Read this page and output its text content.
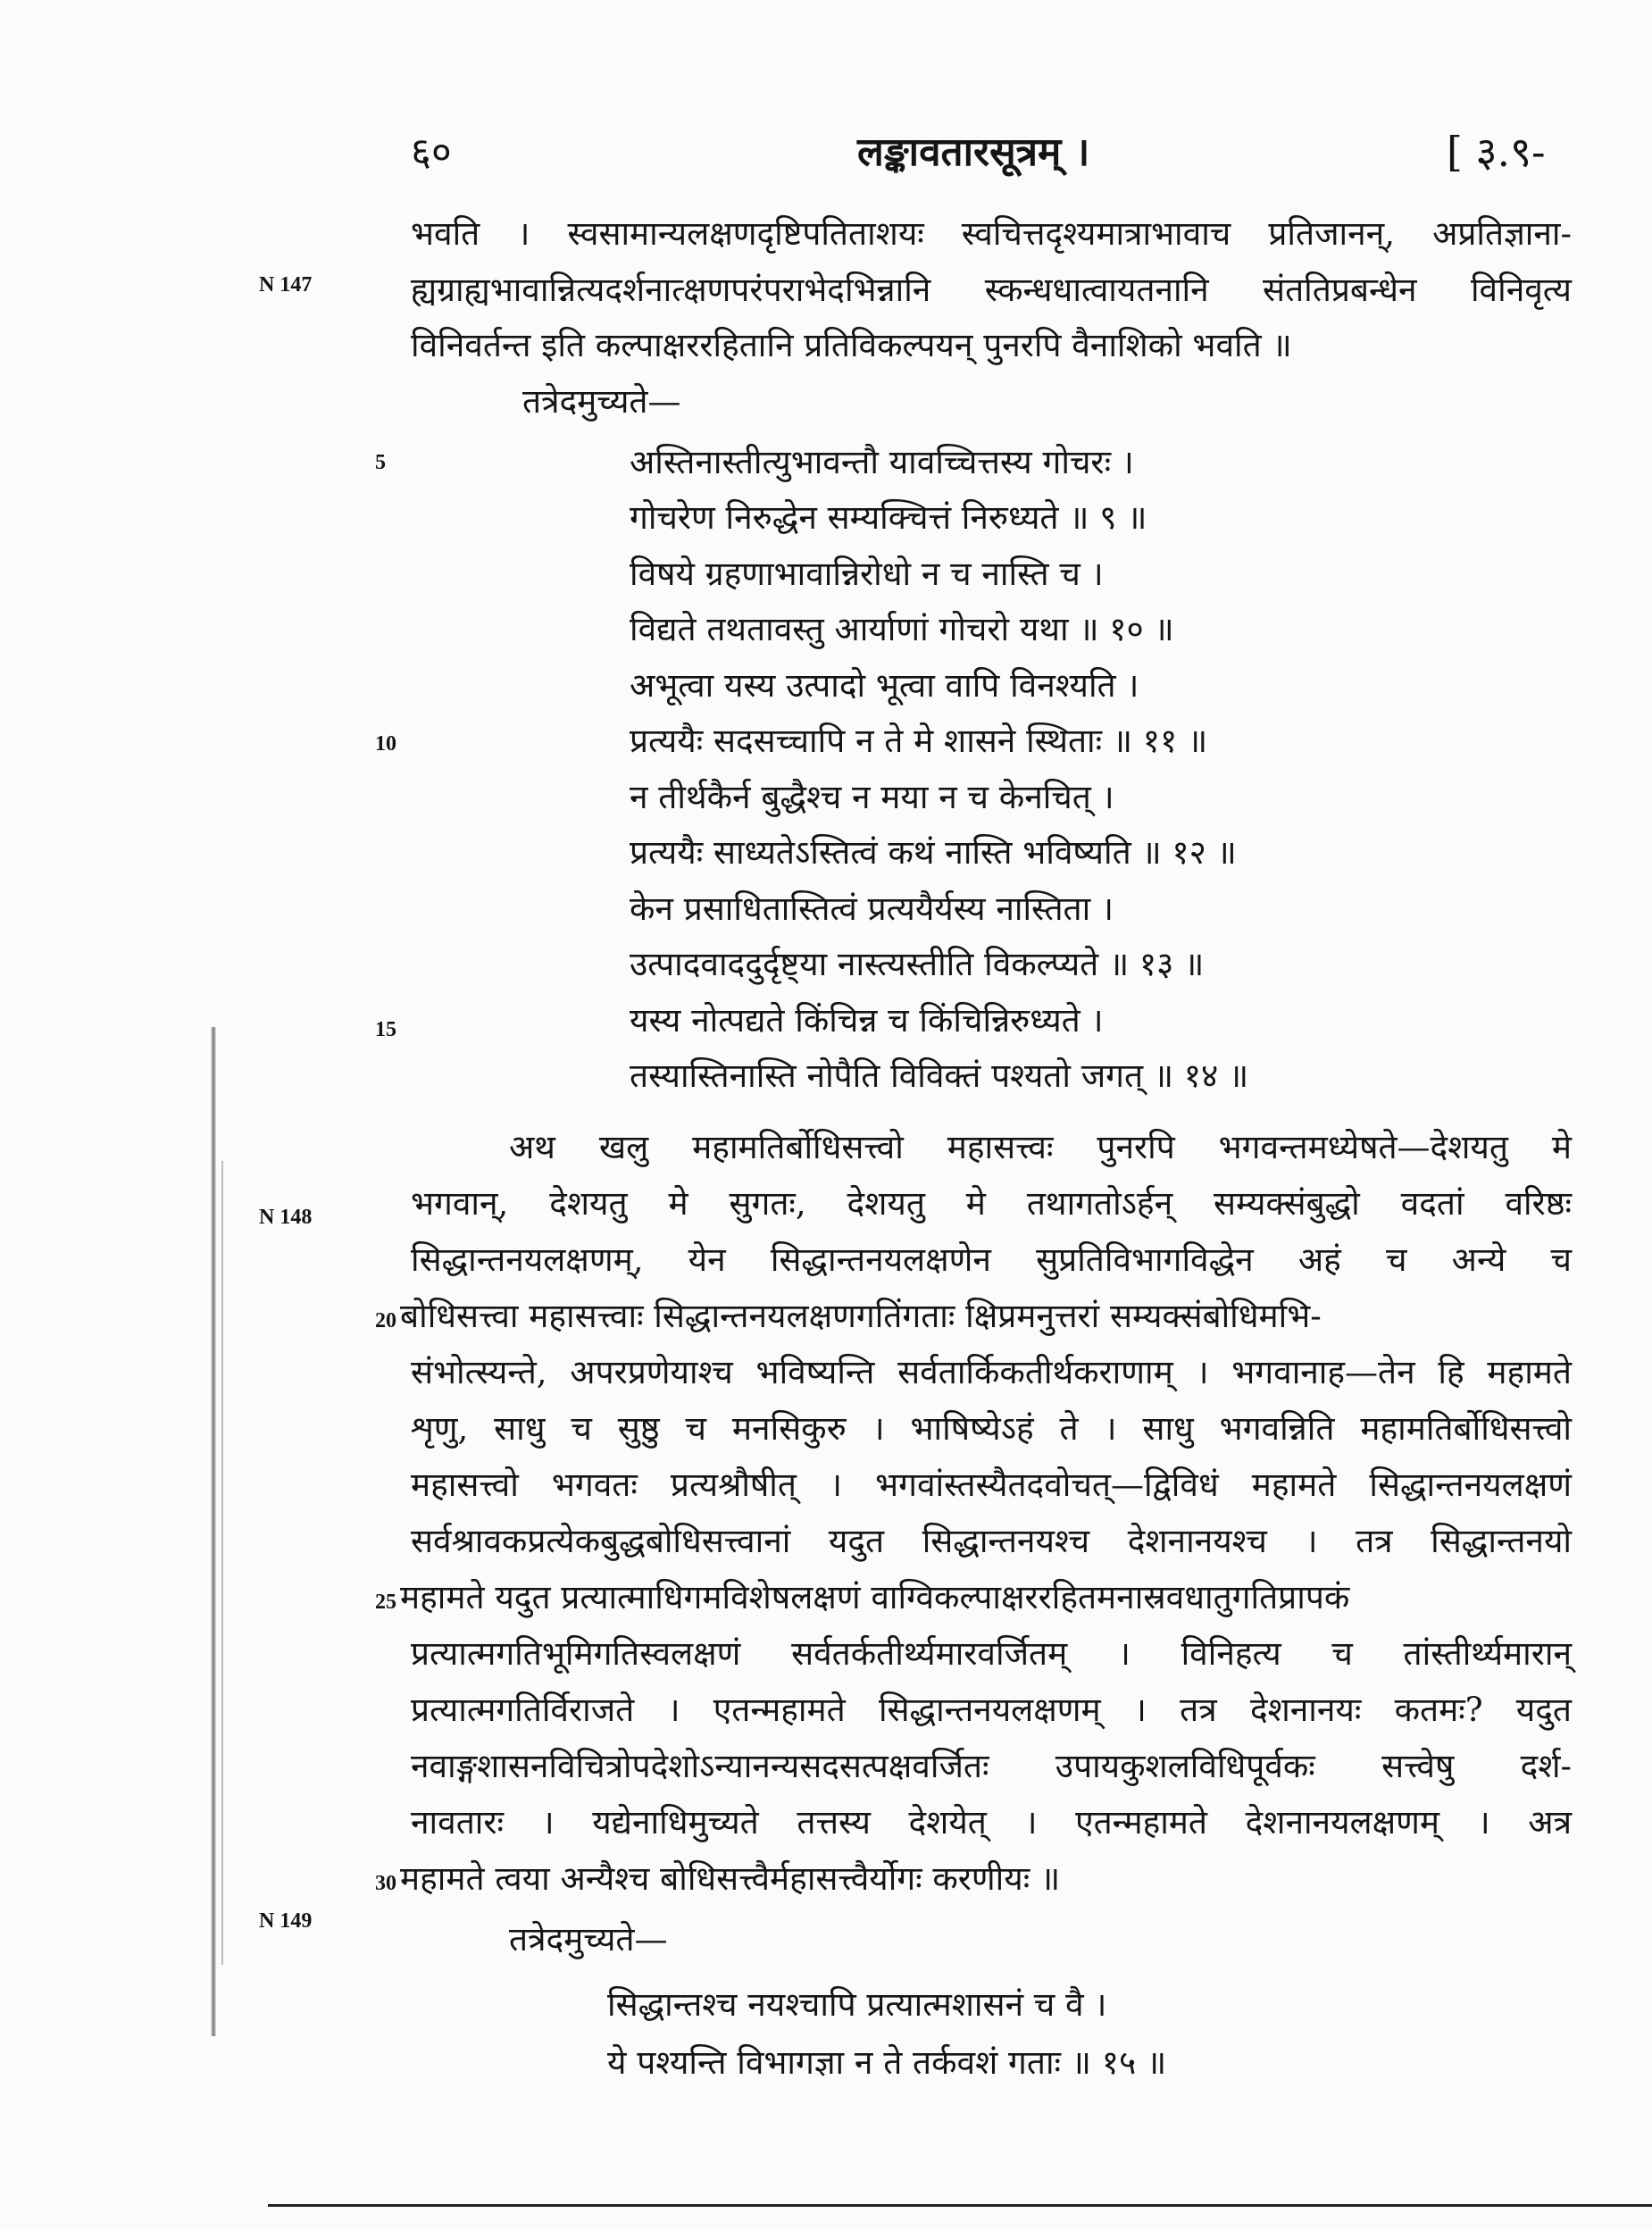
६०	लङ्कावतारसूत्रम् ।	[ ३.९-
N 147
N 148
N 149
5
10
15
भवति । स्वसामान्यलक्षणदृष्टिपतिताशयः स्वचित्तदृश्यमात्राभावाच प्रतिजानन्, अप्रतिज्ञाना-
ह्यग्राह्यभावान्नित्यदर्शनात्क्षणपरंपराभेदभिन्नानि स्कन्धधात्वायतनानि संततिप्रबन्धेन विनिवृत्य
विनिवर्तन्त इति कल्पाक्षररहितानि प्रतिविकल्पयन् पुनरपि वैनाशिको भवति ॥
तत्रेदमुच्यते—
अस्तिनास्तीत्युभावन्तौ यावच्चित्तस्य गोचरः ।
गोचरेण निरुद्धेन सम्यक्चित्तं निरुध्यते ॥ ९ ॥
विषये ग्रहणाभावान्निरोधो न च नास्ति च ।
विद्यते तथतावस्तु आर्याणां गोचरो यथा ॥ १० ॥
अभूत्वा यस्य उत्पादो भूत्वा वापि विनश्यति ।
प्रत्ययैः सदसच्चापि न ते मे शासने स्थिताः ॥ ११ ॥
न तीर्थकैर्न बुद्धैश्च न मया न च केनचित् ।
प्रत्ययैः साध्यतेऽस्तित्वं कथं नास्ति भविष्यति ॥ १२ ॥
केन प्रसाधितास्तित्वं प्रत्ययैर्यस्य नास्तिता ।
उत्पादवाददुर्दृष्ट्या नास्त्यस्तीति विकल्प्यते ॥ १३ ॥
यस्य नोत्पद्यते किंचिन्न च किंचिन्निरुध्यते ।
तस्यास्तिनास्ति नोपैति विविक्तं पश्यतो जगत् ॥ १४ ॥
अथ खलु महामतिर्बोधिसत्त्वो महासत्त्वः पुनरपि भगवन्तमध्येषते—देशयतु मे
भगवान्, देशयतु मे सुगतः, देशयतु मे तथागतोऽर्हन् सम्यक्संबुद्धो वदतां वरिष्ठः
सिद्धान्तनयलक्षणम्, येन सिद्धान्तनयलक्षणेन सुप्रतिविभागविद्धेन अहं च अन्ये च
20 बोधिसत्त्वा महासत्त्वाः सिद्धान्तनयलक्षणगतिंगताः क्षिप्रमनुत्तरां सम्यक्संबोधिमभि-
संभोत्स्यन्ते, अपरप्रणेयाश्च भविष्यन्ति सर्वतार्किकतीर्थकराणाम् । भगवानाह—तेन हि महामते
शृणु, साधु च सुष्ठु च मनसिकुरु । भाषिष्येऽहं ते । साधु भगवन्निति महामतिर्बोधिसत्त्वो
महासत्त्वो भगवतः प्रत्यश्रौषीत् । भगवांस्तस्यैतदवोचत्—द्विविधं महामते सिद्धान्तनयलक्षणं
सर्वश्रावकप्रत्येकबुद्धबोधिसत्त्वानां यदुत सिद्धान्तनयश्च देशनानयश्च । तत्र सिद्धान्तनयो
25 महामते यदुत प्रत्यात्माधिगमविशेषलक्षणं वाग्विकल्पाक्षररहितमनास्रवधातुगतिप्रापकं
प्रत्यात्मगतिभूमिगतिस्वलक्षणं सर्वतर्कतीर्थ्यमारवर्जितम् । विनिहत्य च तांस्तीर्थ्यमारान्
प्रत्यात्मगतिर्विराजते । एतन्महामते सिद्धान्तनयलक्षणम् । तत्र देशनानयः कतमः? यदुत
नवाङ्गशासनविचित्रोपदेशोऽन्यानन्यसदसत्पक्षवर्जितः उपायकुशलविधिपूर्वकः सत्त्वेषु दर्श-
नावतारः । यद्येनाधिमुच्यते तत्तस्य देशयेत् । एतन्महामते देशनानयलक्षणम् । अत्र
30 महामते त्वया अन्यैश्च बोधिसत्त्वैर्महासत्त्वैर्योगः करणीयः ॥
तत्रेदमुच्यते—
सिद्धान्तश्च नयश्चापि प्रत्यात्मशासनं च वै ।
ये पश्यन्ति विभागज्ञा न ते तर्कवशं गताः ॥ १५ ॥
